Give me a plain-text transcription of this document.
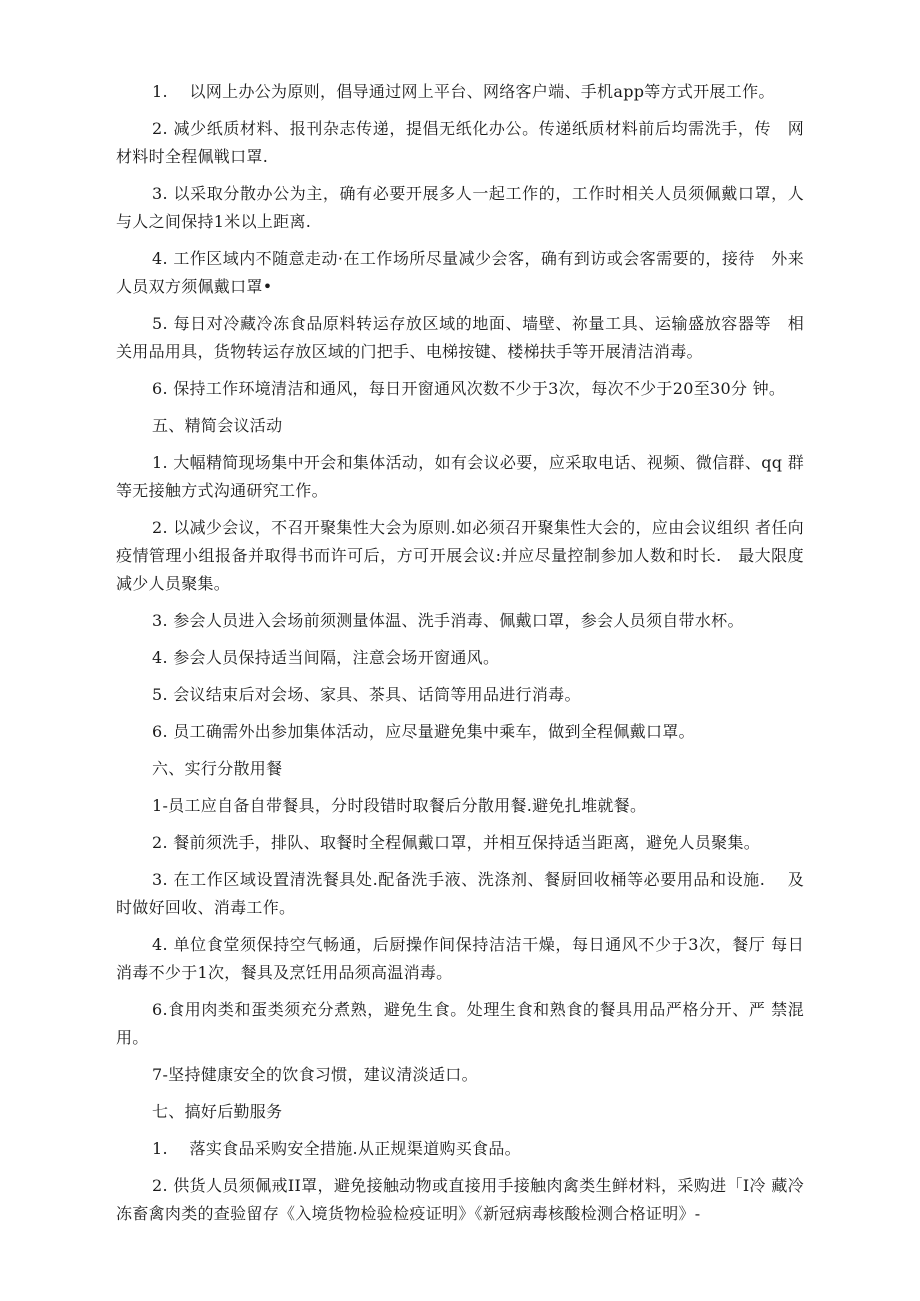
1.　 以网上办公为原则，倡导通过网上平台、网络客户端、手机app等方式开展工作。

2. 减少纸质材料、报刊杂志传递，提倡无纸化办公。传递纸质材料前后均需洗手，传　网材料时全程佩戦口罩.

3. 以采取分散办公为主，确有必要开展多人一起工作的，工作时相关人员须佩戴口罩，人与人之间保持1米以上距离.

4. 工作区域内不随意走动·在工作场所尽量减少会客，确有到访或会客需要的，接待　外来人员双方须佩戴口罩•

5. 每日对冷藏冷冻食品原料转运存放区域的地面、墙壁、祢量工具、运输盛放容器等　相关用品用具，货物转运存放区域的门把手、电梯按键、楼梯扶手等开展清洁消毒。

6. 保持工作环境清洁和通风，每日开窗通风次数不少于3次，每次不少于20至30分 钟。

五、精简会议活动

1. 大幅精简现场集中开会和集体活动，如有会议必要，应采取电话、视频、微信群、qq 群等无接触方式沟通研究工作。

2. 以减少会议，不召开聚集性大会为原则.如必须召开聚集性大会的，应由会议组织 者任向疫情管理小组报备并取得书而许可后，方可开展会议:并应尽量控制参加人数和时长.　最大限度减少人员聚集。

3. 参会人员进入会场前须测量体温、洗手消毒、佩戴口罩，参会人员须自带水杯。

4. 参会人员保持适当间隔，注意会场开窗通风。

5. 会议结束后对会场、家具、茶具、话筒等用品进行消毒。

6. 员工确需外出参加集体活动，应尽量避免集中乘车，做到全程佩戴口罩。

六、实行分散用餐

1-员工应自备自带餐具，分时段错时取餐后分散用餐.避免扎堆就餐。

2. 餐前须洗手，排队、取餐时全程佩戴口罩，并相互保持适当距离，避免人员聚集。

3. 在工作区域设置清洗餐具处.配备洗手液、洗涤剂、餐厨回收桶等必要用品和设施.　 及时做好回收、消毒工作。

4. 单位食堂须保持空气畅通，后厨操作间保持洁洁干燥，每日通风不少于3次，餐厅 每日消毒不少于1次，餐具及烹饪用品须高温消毒。

6.食用肉类和蛋类须充分煮熟，避免生食。处理生食和熟食的餐具用品严格分开、严 禁混用。

7-坚持健康安全的饮食习惯，建议清淡适口。

七、搞好后勤服务

1.　 落实食品采购安全措施.从正规渠道购买食品。

2. 供货人员须佩戒II罩，避免接触动物或直接用手接触肉禽类生鲜材料，采购进「I冷 藏冷冻畜禽肉类的查验留存《入境货物检验检疫证明》《新冠病毒核酸检测合格证明》-
